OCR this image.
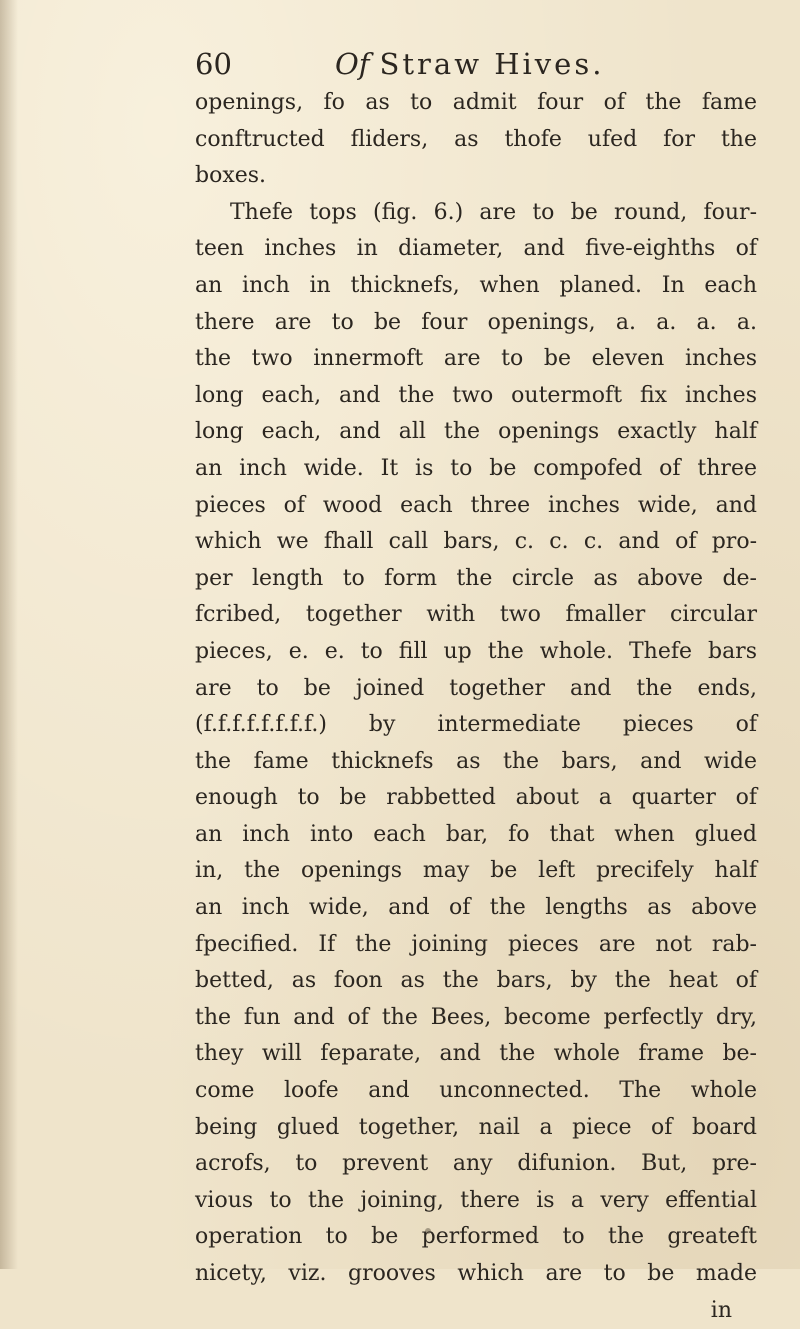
60	Of Straw Hives.
openings, fo as to admit four of the fame
conftructed fliders, as thofe ufed for the
boxes.
Thefe tops (fig. 6.) are to be round, four-
teen inches in diameter, and five-eighths of
an inch in thicknefs, when planed. In each
there are to be four openings, a. a. a. a.
the two innermoft are to be eleven inches
long each, and the two outermoft fix inches
long each, and all the openings exactly half
an inch wide. It is to be compofed of three
pieces of wood each three inches wide, and
which we fhall call bars, c. c. c. and of pro-
per length to form the circle as above de-
fcribed, together with two fmaller circular
pieces, e. e. to fill up the whole. Thefe bars
are to be joined together and the ends,
(f.f.f.f.f.f.f.f.) by intermediate pieces of
the fame thicknefs as the bars, and wide
enough to be rabbetted about a quarter of
an inch into each bar, fo that when glued
in, the openings may be left precifely half
an inch wide, and of the lengths as above
fpecified. If the joining pieces are not rab-
betted, as foon as the bars, by the heat of
the fun and of the Bees, become perfectly dry,
they will feparate, and the whole frame be-
come loofe and unconnected. The whole
being glued together, nail a piece of board
acrofs, to prevent any difunion. But, pre-
vious to the joining, there is a very effential
operation to be performed to the greateft
nicety, viz. grooves which are to be made
in
